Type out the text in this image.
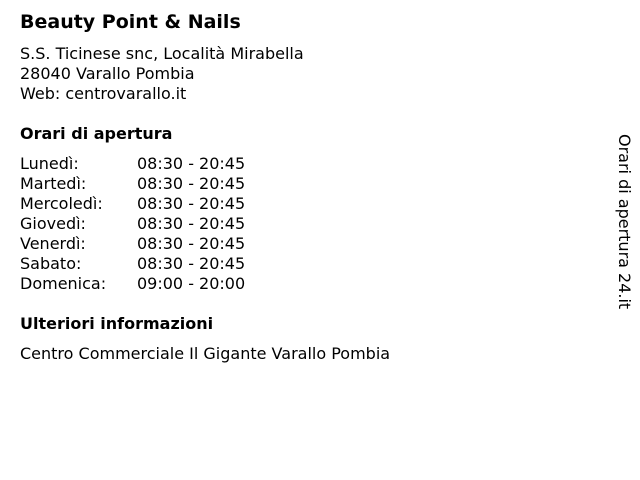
Beauty Point & Nails
S.S. Ticinese snc, Località Mirabella
28040 Varallo Pombia
Web: centrovarallo.it
Orari di apertura
Lunedì:	08:30 - 20:45
Martedì:	08:30 - 20:45
Mercoledì: 08:30 - 20:45
Giovedì:	08:30 - 20:45
Venerdì:	08:30 - 20:45
Sabato:	08:30 - 20:45
Domenica: 09:00 - 20:00
Ulteriori informazioni
Centro Commerciale Il Gigante Varallo Pombia
Orari di apertura 24.it
